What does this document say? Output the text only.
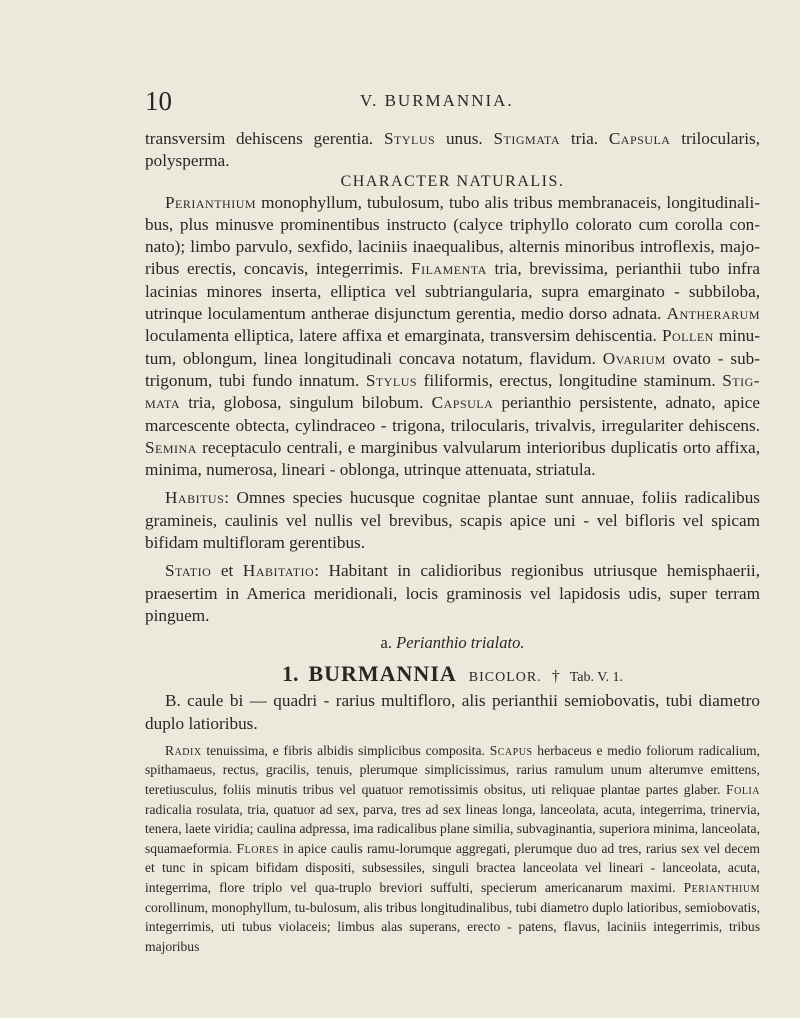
10	V. BURMANNIA.

transversim dehiscens gerentia. Stylus unus. Stigmata tria. Capsula trilocularis, polysperma.

CHARACTER NATURALIS.

Perianthium monophyllum, tubulosum, tubo alis tribus membranaceis, longitudinali-bus, plus minusve prominentibus instructo (calyce triphyllo colorato cum corolla con-nato); limbo parvulo, sexfido, laciniis inaequalibus, alternis minoribus introflexis, majo-ribus erectis, concavis, integerrimis. Filamenta tria, brevissima, perianthii tubo infra lacinias minores inserta, elliptica vel subtriangularia, supra emarginato - subbiloba, utrinque loculamentum antherae disjunctum gerentia, medio dorso adnata. Antherarum loculamenta elliptica, latere affixa et emarginata, transversim dehiscentia. Pollen minu-tum, oblongum, linea longitudinali concava notatum, flavidum. Ovarium ovato - sub-trigonum, tubi fundo innatum. Stylus filiformis, erectus, longitudine staminum. Stig-mata tria, globosa, singulum bilobum. Capsula perianthio persistente, adnato, apice marcescente obtecta, cylindraceo - trigona, trilocularis, trivalvis, irregulariter dehiscens. Semina receptaculo centrali, e marginibus valvularum interioribus duplicatis orto affixa, minima, numerosa, lineari - oblonga, utrinque attenuata, striatula.

Habitus: Omnes species hucusque cognitae plantae sunt annuae, foliis radicalibus gramineis, caulinis vel nullis vel brevibus, scapis apice uni - vel bifloris vel spicam bifidam multifloram gerentibus.

Statio et Habitatio: Habitant in calidioribus regionibus utriusque hemisphaerii, praesertim in America meridionali, locis graminosis vel lapidosis udis, super terram pinguem.

a. Perianthio trialato.
1. BURMANNIA BICOLOR. † Tab. V. 1.

B. caule bi — quadri - rarius multifloro, alis perianthii semiobovatis, tubi diametro duplo latioribus.

Radix tenuissima, e fibris albidis simplicibus composita. Scapus herbaceus e medio foliorum radicalium, spithamaeus, rectus, gracilis, tenuis, plerumque simplicissimus, rarius ramulum unum alterumve emittens, teretiusculus, foliis minutis tribus vel quatuor remotissimis obsitus, uti reliquae plantae partes glaber. Folia radicalia rosulata, tria, quatuor ad sex, parva, tres ad sex lineas longa, lanceolata, acuta, integerrima, trinervia, tenera, laete viridia; caulina adpressa, ima radicalibus plane similia, subvaginantia, superiora minima, lanceolata, squamaeformia. Flores in apice caulis ramu-lorumque aggregati, plerumque duo ad tres, rarius sex vel decem et tunc in spicam bifidam dispositi, subsessiles, singuli bractea lanceolata vel lineari - lanceolata, acuta, integerrima, flore triplo vel qua-truplo breviori suffulti, specierum americanarum maximi. Perianthium corollinum, monophyllum, tu-bulosum, alis tribus longitudinalibus, tubi diametro duplo latioribus, semiobovatis, integerrimis, uti tubus violaceis; limbus alas superans, erecto - patens, flavus, laciniis integerrimis, tribus majoribus
